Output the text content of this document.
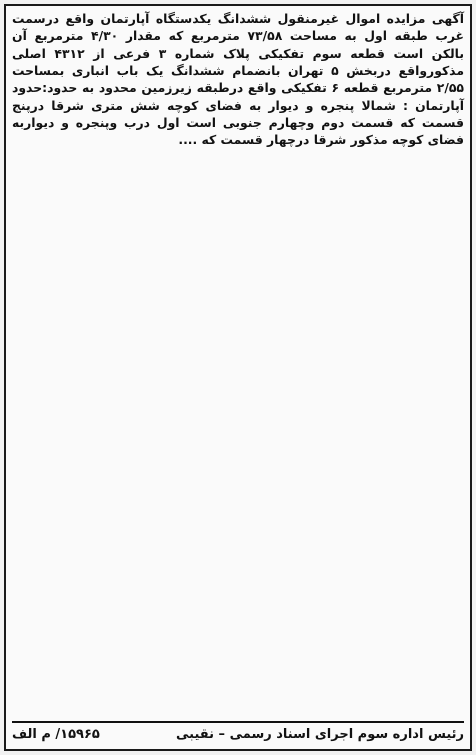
آگهی مزایده اموال غیرمنقول ششدانگ یکدستگاه آپارتمان واقع درسمت غرب طبقه اول به مساحت ۷۳/۵۸ مترمربع که مقدار ۴/۳۰ مترمربع آن بالکن است قطعه سوم تفکیکی پلاک شماره ۳ فرعی از ۴۳۱۲ اصلی مذکورواقع دربخش ۵ تهران بانضمام ششدانگ یک باب انباری بمساحت ۲/۵۵ مترمربع قطعه ۶ تفکیکی واقع درطبقه زیرزمین محدود به حدود:حدود آپارتمان : شمالا پنجره و دیوار به فضای کوچه شش متری شرقا درپنج قسمت که قسمت دوم وچهارم جنوبی است اول درب وپنجره و دیواربه فضای کوچه مذکور شرقا درچهار قسمت که ....

رئیس اداره سوم اجرای اسناد رسمی – نقیبی
۱۵۹۶۵/ م الف
